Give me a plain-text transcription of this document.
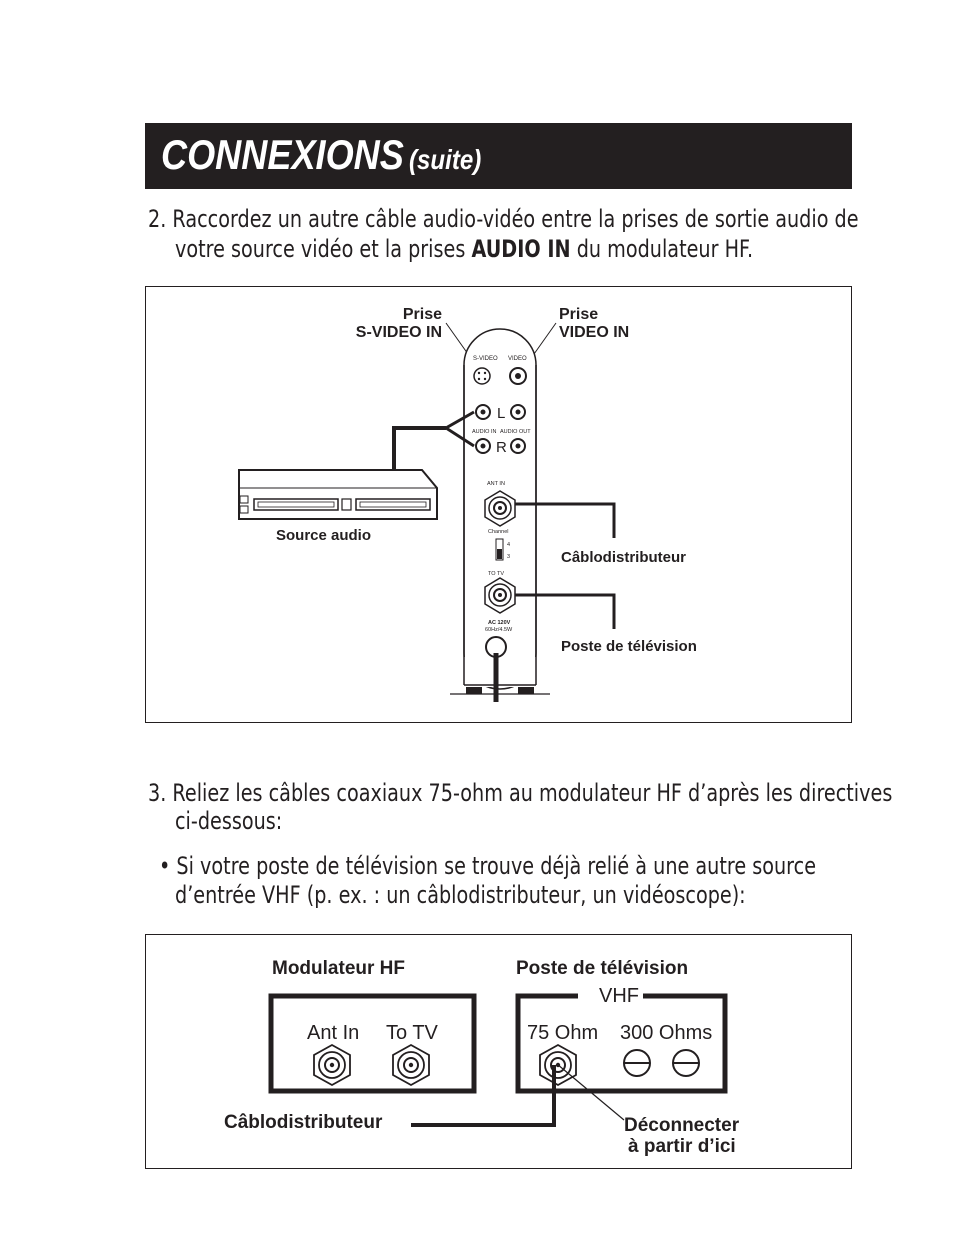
CONNEXIONS (suite)
2. Raccordez un autre câble audio-vidéo entre la prises de sortie audio de
votre source vidéo et la prises AUDIO IN du modulateur HF.
Prise
S-VIDEO IN
Prise
VIDEO IN
S-VIDEO VIDEO
L
AUDIO IN AUDIO OUT
R
Source audio
ANT IN
Câblodistributeur
Channel
4
3
TO TV
Poste de télévision
AC 120V
60Hz/4.5W
3. Reliez les câbles coaxiaux 75-ohm au modulateur HF d’après les directives
ci-dessous:
• Si votre poste de télévision se trouve déjà relié à une autre source
d’entrée VHF (p. ex. : un câblodistributeur, un vidéoscope):
Modulateur HF	Poste de télévision
Ant In To TV
VHF
75 Ohm 300 Ohms
Câblodistributeur	Déconnecter
à partir d’ici
